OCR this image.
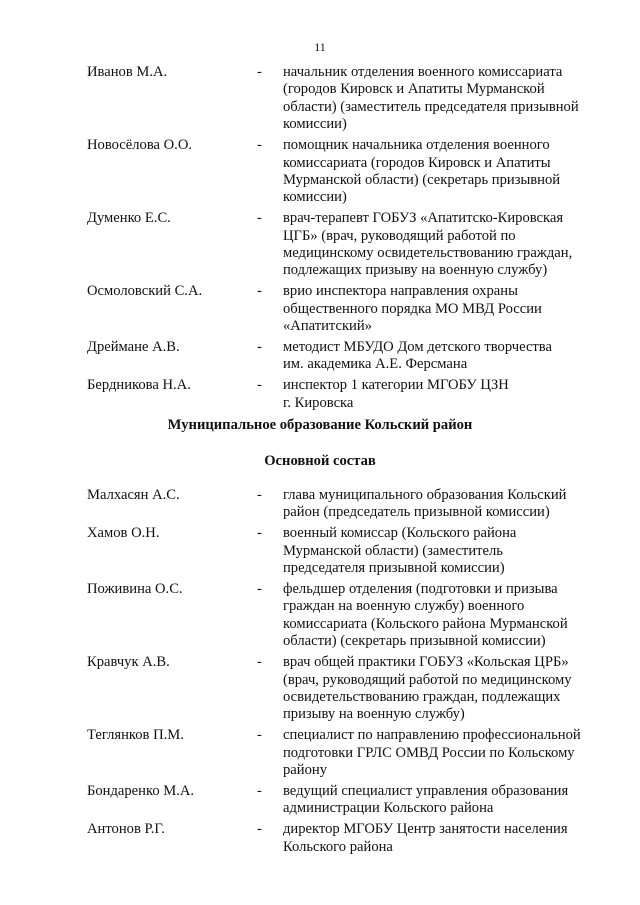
11
Иванов М.А.	- начальник отделения военного комиссариата
(городов Кировск и Апатиты Мурманской
области) (заместитель председателя призывной
комиссии)
Новосёлова О.О.	- помощник начальника отделения военного
комиссариата (городов Кировск и Апатиты
Мурманской области) (секретарь призывной
комиссии)
Думенко Е.С.	- врач-терапевт ГОБУЗ «Апатитско-Кировская
ЦГБ» (врач, руководящий работой по
медицинскому освидетельствованию граждан,
подлежащих призыву на военную службу)
Осмоловский С.А.	- врио инспектора направления охраны
общественного порядка МО МВД России
«Апатитский»
Дреймане А.В.	- методист МБУДО Дом детского творчества
им. академика А.Е. Ферсмана
Бердникова Н.А.	- инспектор 1 категории МГОБУ ЦЗН
г. Кировска
Муниципальное образование Кольский район
Основной состав
Малхасян А.С.	- глава муниципального образования Кольский
район (председатель призывной комиссии)
Хамов О.Н.	- военный комиссар (Кольского района
Мурманской области) (заместитель
председателя призывной комиссии)
Поживина О.С.	- фельдшер отделения (подготовки и призыва
граждан на военную службу) военного
комиссариата (Кольского района Мурманской
области) (секретарь призывной комиссии)
Кравчук А.В.	- врач общей практики ГОБУЗ «Кольская ЦРБ»
(врач, руководящий работой по медицинскому
освидетельствованию граждан, подлежащих
призыву на военную службу)
Теглянков П.М.	- специалист по направлению профессиональной
подготовки ГРЛС ОМВД России по Кольскому
району
Бондаренко М.А.	- ведущий специалист управления образования
администрации Кольского района
Антонов Р.Г.	- директор МГОБУ Центр занятости населения
Кольского района
